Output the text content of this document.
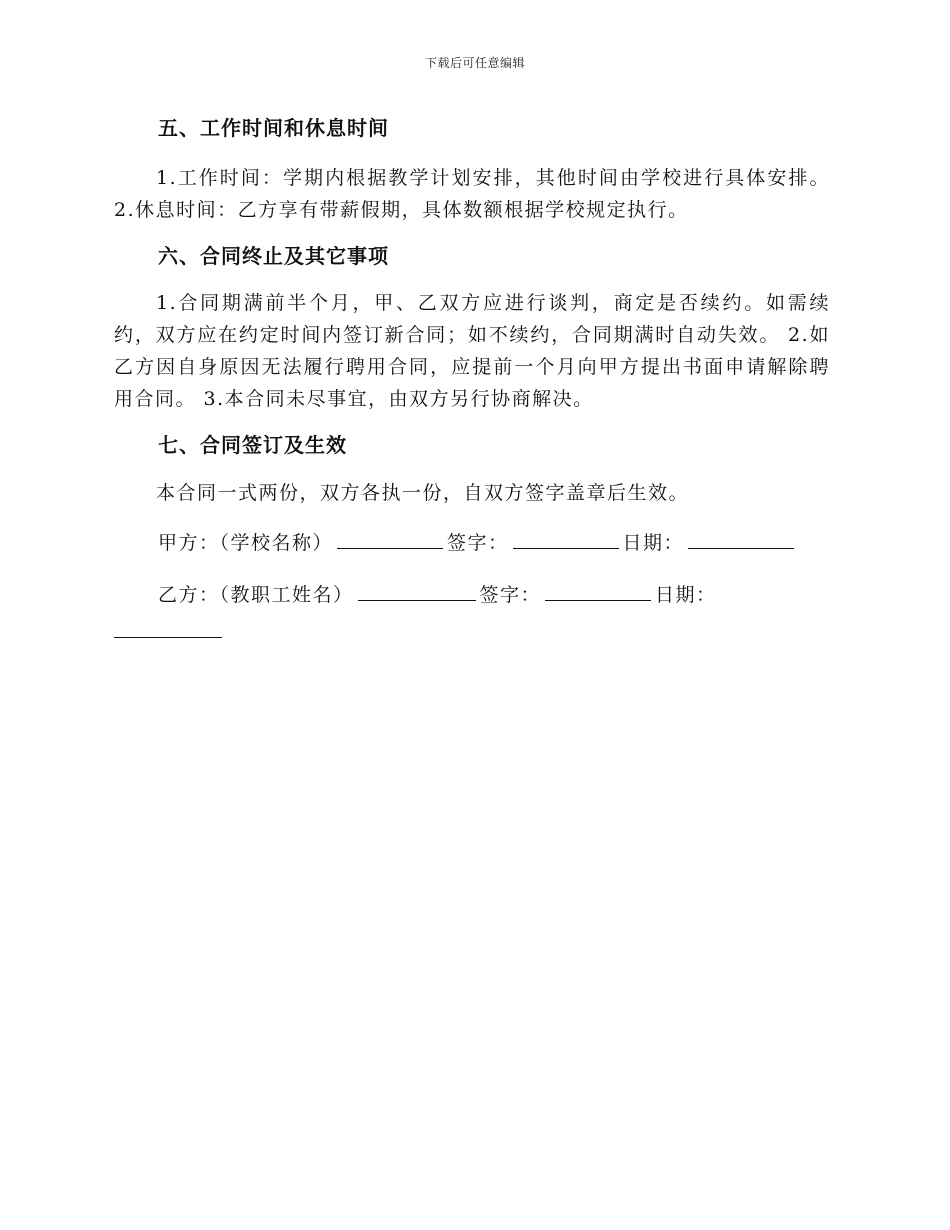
下载后可任意编辑
五、工作时间和休息时间

1.工作时间：学期内根据教学计划安排，其他时间由学校进行具体安排。 2.休息时间：乙方享有带薪假期，具体数额根据学校规定执行。

六、合同终止及其它事项

1.合同期满前半个月，甲、乙双方应进行谈判，商定是否续约。如需续约，双方应在约定时间内签订新合同；如不续约，合同期满时自动失效。 2.如乙方因自身原因无法履行聘用合同，应提前一个月向甲方提出书面申请解除聘用合同。 3.本合同未尽事宜，由双方另行协商解决。

七、合同签订及生效

本合同一式两份，双方各执一份，自双方签字盖章后生效。

甲方：（学校名称）	签字：	日期：
乙方：（教职工姓名）	签字：	日期：
